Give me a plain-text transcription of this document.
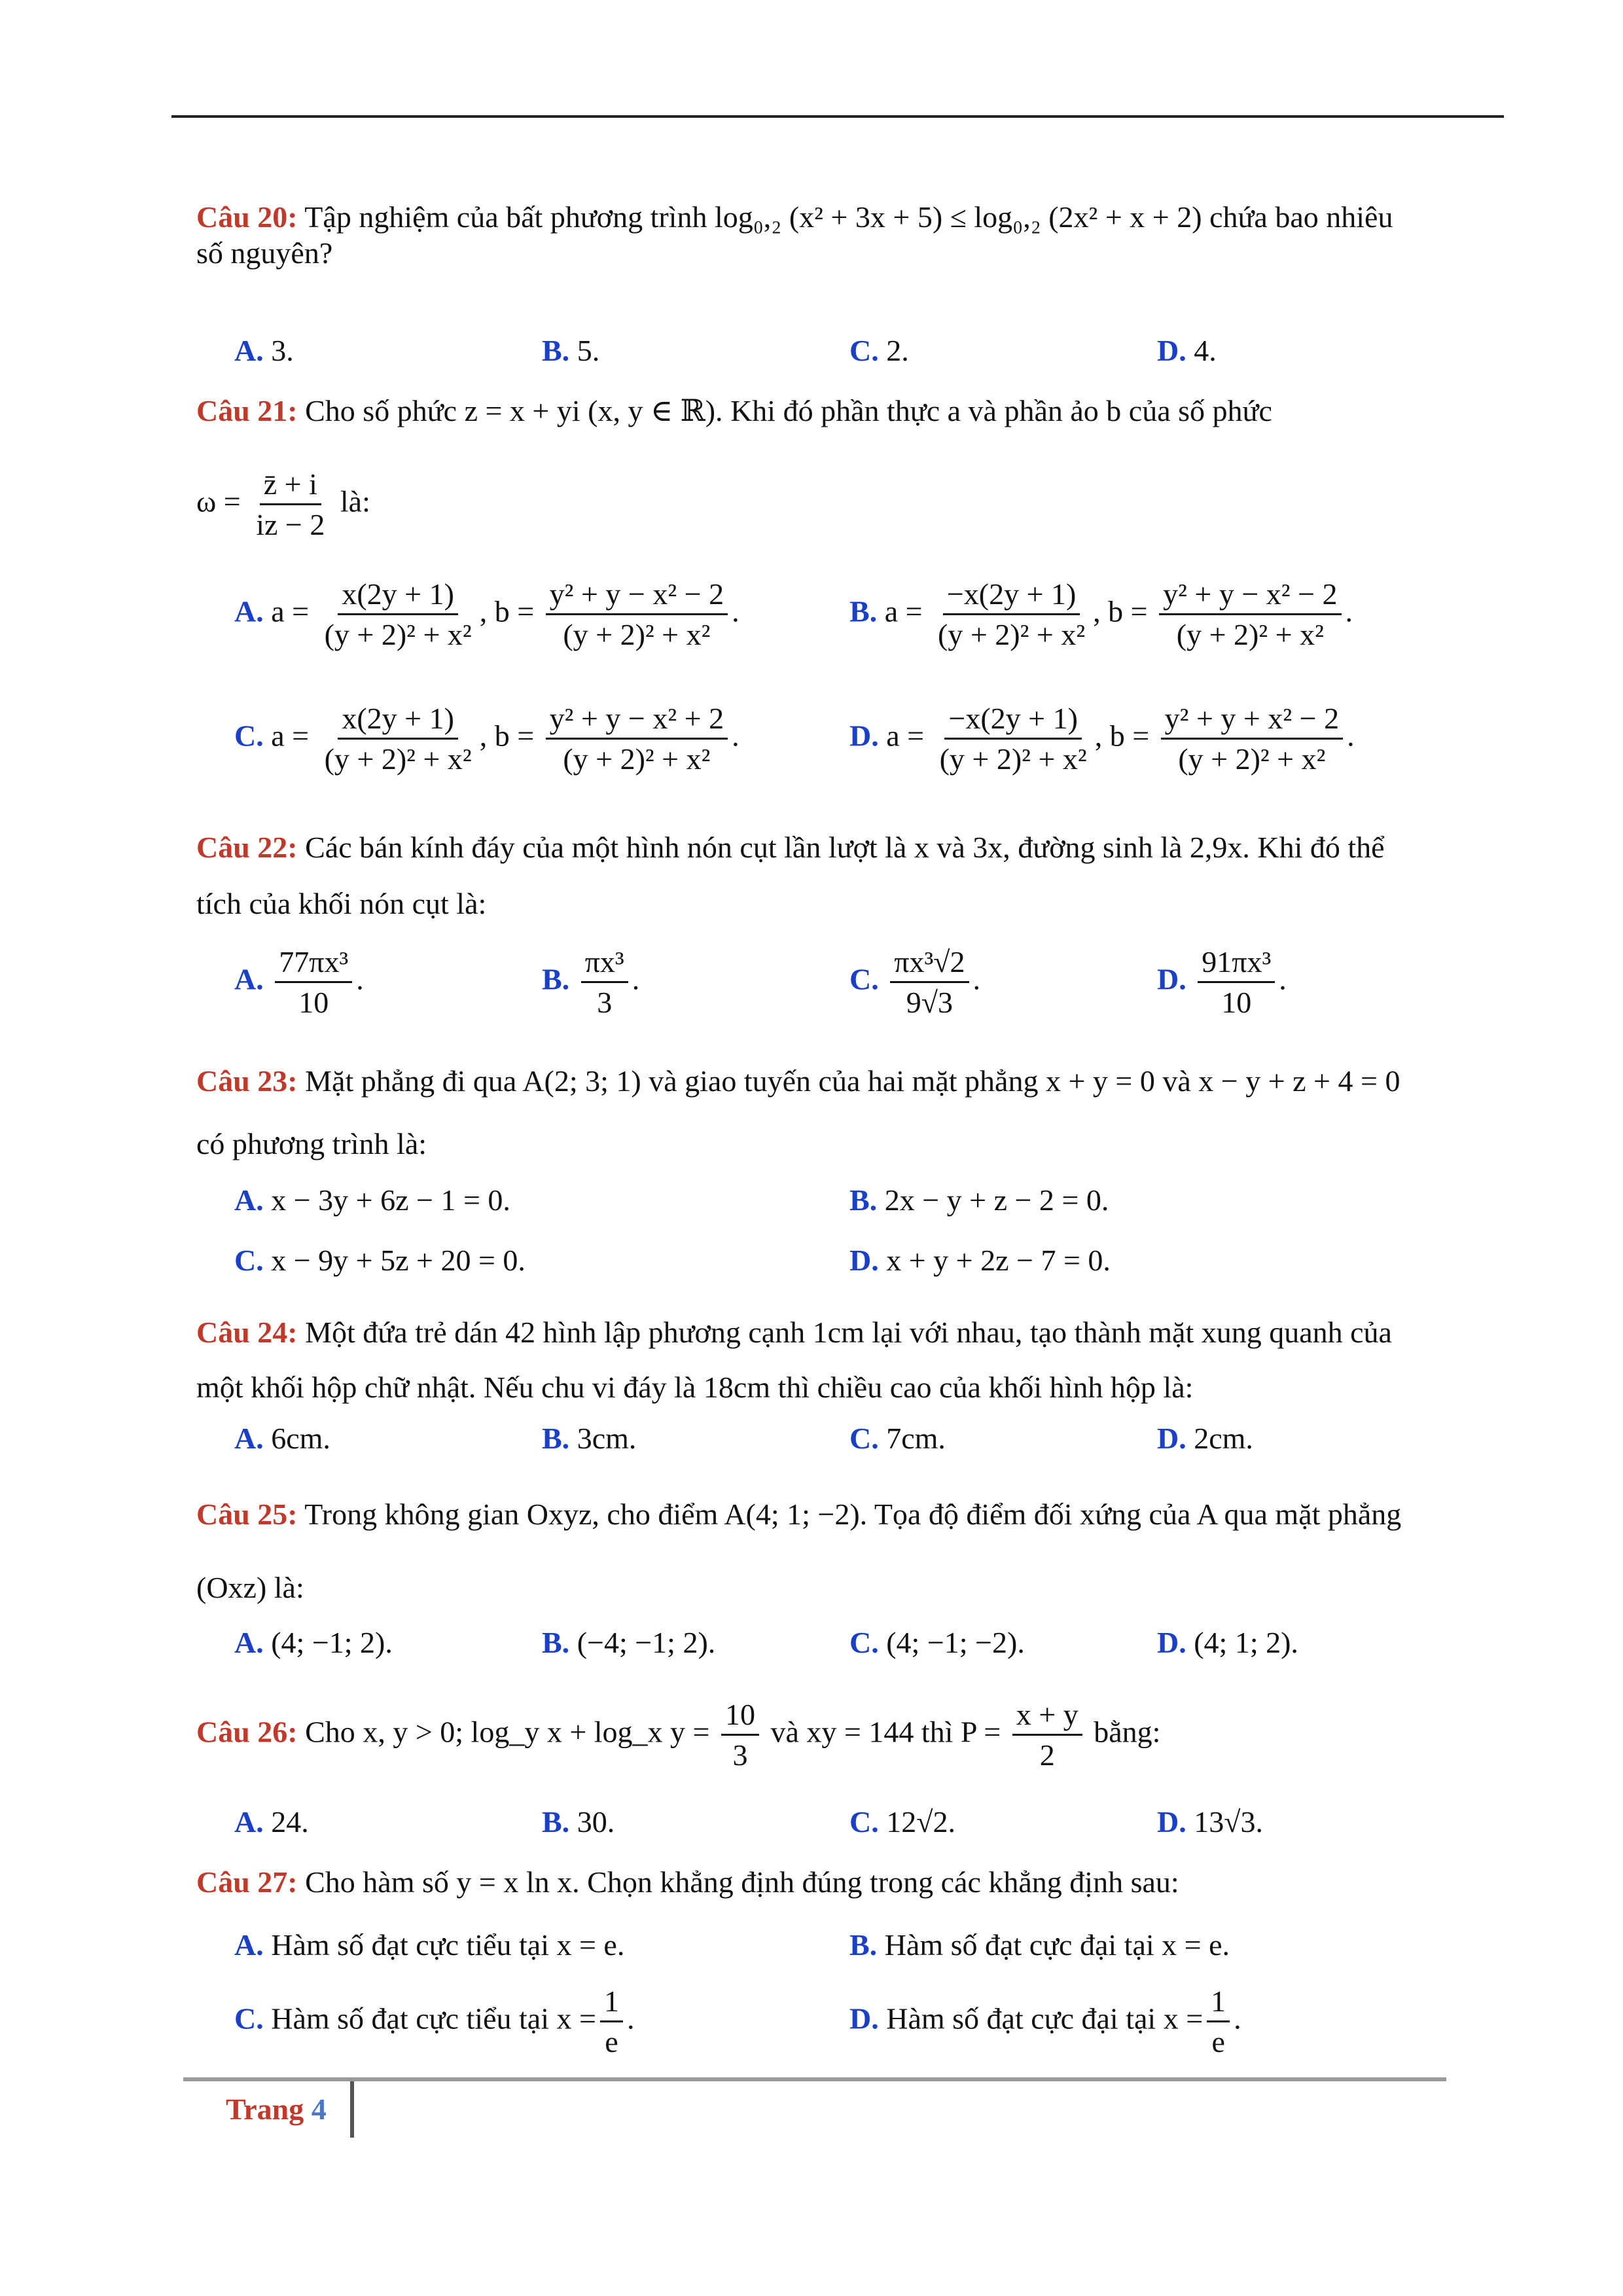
Câu 20: Tập nghiệm của bất phương trình log₀,₂ (x² + 3x + 5) ≤ log₀,₂ (2x² + x + 2) chứa bao nhiêu số nguyên?
A. 3.	B. 5.	C. 2.	D. 4.
Câu 21: Cho số phức z = x + yi (x, y ∈ ℝ). Khi đó phần thực a và phần ảo b của số phức
$\omega = \frac{z̄ + i}{iz - 2}$ là:
A. $a = \frac{x(2y + 1)}{\text{(y + 2)² + x²}}$ , $b = \frac{\text{y² + y − x² − 2}}{\text{(y + 2)² + x²}}$ .	B. $a = \frac{-x(2y + 1)}{\text{(y + 2)² + x²}}$ , $b = \frac{\text{y² + y − x² − 2}}{\text{(y + 2)² + x²}}$ .
C. $a = \frac{x(2y + 1)}{\text{(y + 2)² + x²}}$ , $b = \frac{\text{y² + y − x² + 2}}{\text{(y + 2)² + x²}}$ .	D. $a = \frac{-x(2y + 1)}{\text{(y + 2)² + x²}}$ , $b = \frac{\text{y² + y + x² − 2}}{\text{(y + 2)² + x²}}$ .
Câu 22: Các bán kính đáy của một hình nón cụt lần lượt là x và 3x, đường sinh là 2,9x. Khi đó thể tích của khối nón cụt là:
A. $\frac{\text{77πx³}}{10}$ .	B. $\frac{\text{πx³}}{3}$ .	C. $\frac{\text{πx³√2}}{9√3}$ .	D. $\frac{\text{91πx³}}{10}$ .
Câu 23: Mặt phẳng đi qua A(2; 3; 1) và giao tuyến của hai mặt phẳng x + y = 0 và x − y + z + 4 = 0 có phương trình là:
A. x − 3y + 6z − 1 = 0.	B. 2x − y + z − 2 = 0.
C. x − 9y + 5z + 20 = 0.	D. x + y + 2z − 7 = 0.
Câu 24: Một đứa trẻ dán 42 hình lập phương cạnh 1cm lại với nhau, tạo thành mặt xung quanh của một khối hộp chữ nhật. Nếu chu vi đáy là 18cm thì chiều cao của khối hình hộp là:
A. 6cm.	B. 3cm.	C. 7cm.	D. 2cm.
Câu 25: Trong không gian Oxyz, cho điểm A(4; 1; −2). Tọa độ điểm đối xứng của A qua mặt phẳng (Oxz) là:
A. (4; −1; 2).	B. (−4; −1; 2).	C. (4; −1; −2).	D. (4; 1; 2).
Câu 26: Cho x, y > 0; log_y x + log_x $y = \frac{10}{3}$ và xy = 144 thì $P = \frac{x + y}{2}$ bằng:
A. 24.	B. 30.	C. 12√2.	D. 13√3.
Câu 27: Cho hàm số y = x ln x. Chọn khẳng định đúng trong các khẳng định sau:
A. Hàm số đạt cực tiểu tại x = e.	B. Hàm số đạt cực đại tại x = e.
C. Hàm số đạt cực tiểu tại $x = \frac{1}{e}$ .	D. Hàm số đạt cực đại tại $x = \frac{1}{e}$ .
Trang 4
